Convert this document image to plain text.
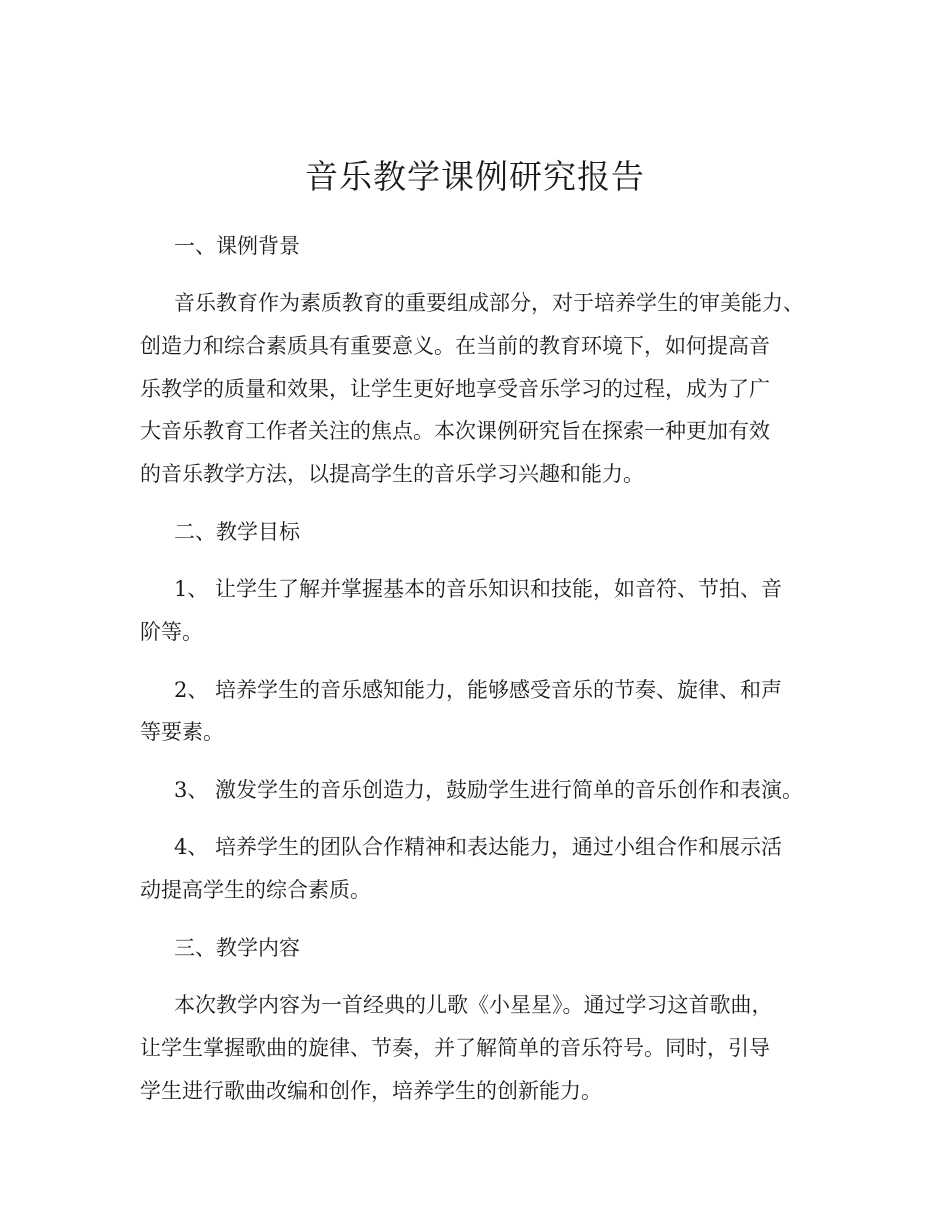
音乐教学课例研究报告

一、课例背景

音乐教育作为素质教育的重要组成部分，对于培养学生的审美能力、

创造力和综合素质具有重要意义。在当前的教育环境下，如何提高音

乐教学的质量和效果，让学生更好地享受音乐学习的过程，成为了广

大音乐教育工作者关注的焦点。本次课例研究旨在探索一种更加有效

的音乐教学方法，以提高学生的音乐学习兴趣和能力。

二、教学目标

1、 让学生了解并掌握基本的音乐知识和技能，如音符、节拍、音

阶等。

2、 培养学生的音乐感知能力，能够感受音乐的节奏、旋律、和声

等要素。

3、 激发学生的音乐创造力，鼓励学生进行简单的音乐创作和表演。

4、 培养学生的团队合作精神和表达能力，通过小组合作和展示活

动提高学生的综合素质。

三、教学内容

本次教学内容为一首经典的儿歌《小星星》。通过学习这首歌曲，

让学生掌握歌曲的旋律、节奏，并了解简单的音乐符号。同时，引导

学生进行歌曲改编和创作，培养学生的创新能力。
